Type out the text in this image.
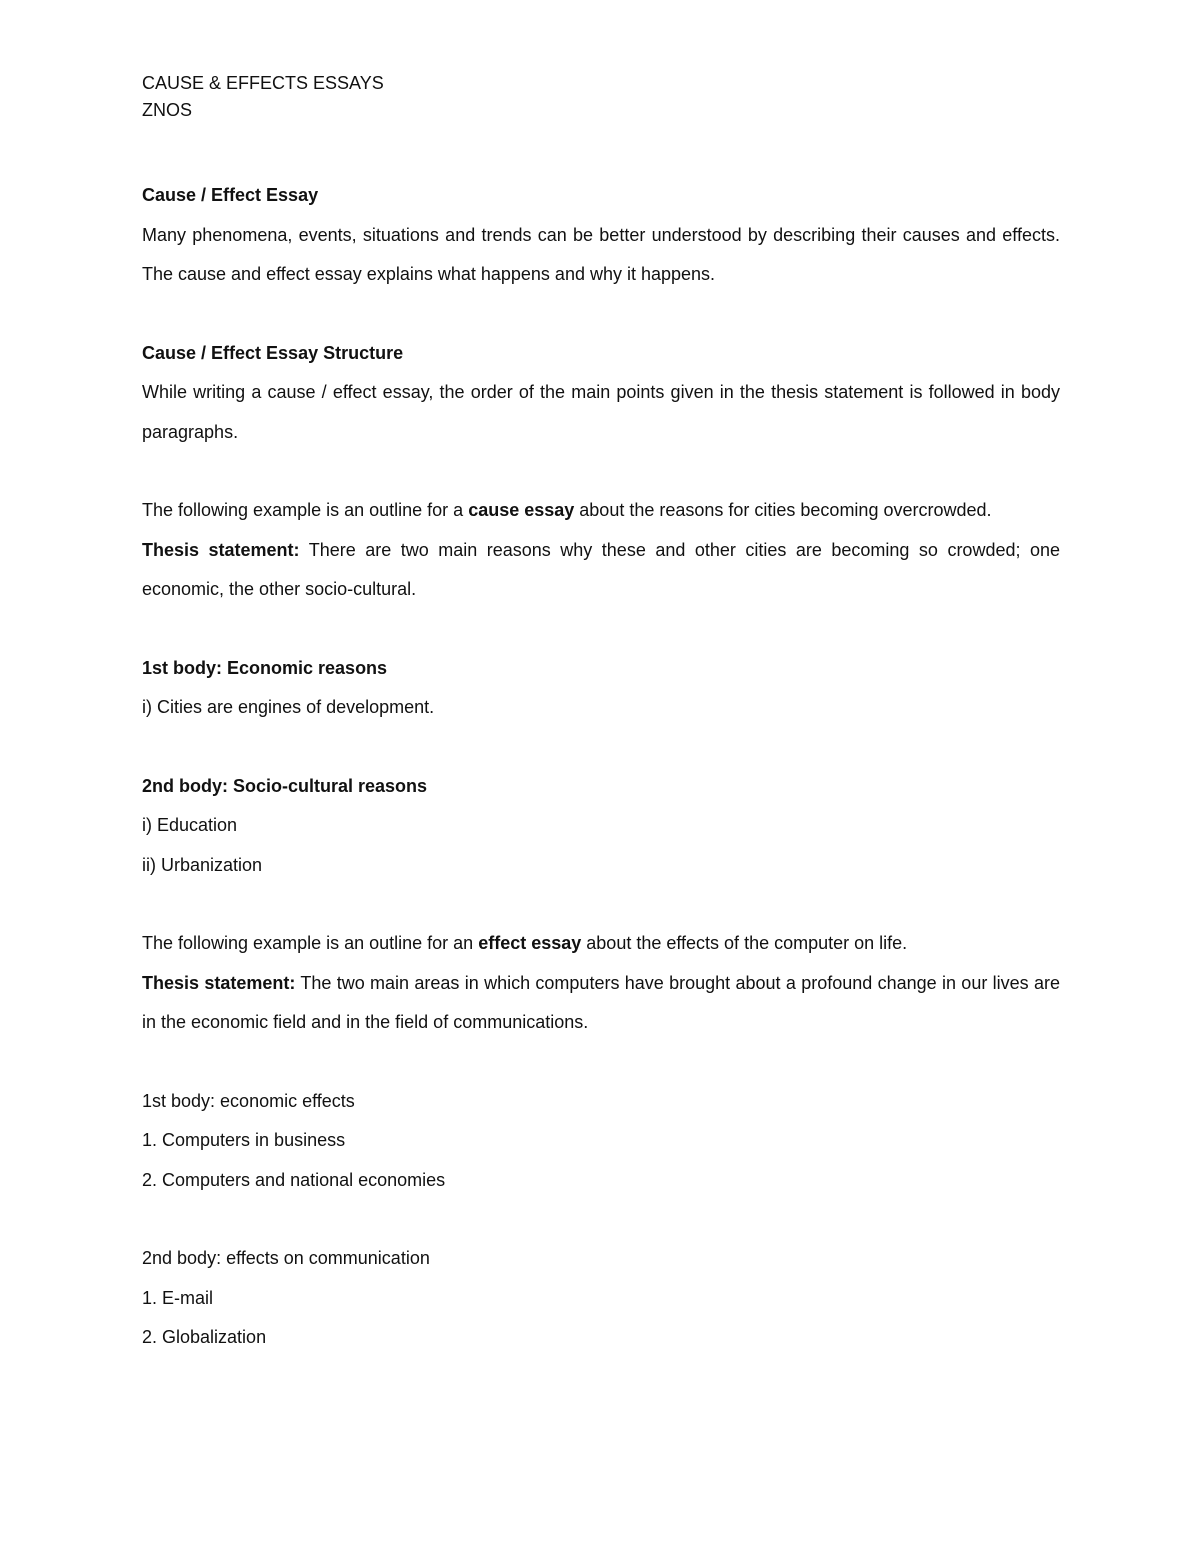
CAUSE & EFFECTS ESSAYS

ZNOS

Cause / Effect Essay

Many phenomena, events, situations and trends can be better understood by describing their causes and effects. The cause and effect essay explains what happens and why it happens.

Cause / Effect Essay Structure

While writing a cause / effect essay, the order of the main points given in the thesis statement is followed in body paragraphs.

The following example is an outline for a cause essay about the reasons for cities becoming overcrowded.

Thesis statement: There are two main reasons why these and other cities are becoming so crowded; one economic, the other socio-cultural.

1st body: Economic reasons

i) Cities are engines of development.

2nd body: Socio-cultural reasons

i) Education

ii) Urbanization

The following example is an outline for an effect essay about the effects of the computer on life.

Thesis statement: The two main areas in which computers have brought about a profound change in our lives are in the economic field and in the field of communications.

1st body: economic effects

1. Computers in business

2. Computers and national economies

2nd body: effects on communication

1. E-mail

2. Globalization
